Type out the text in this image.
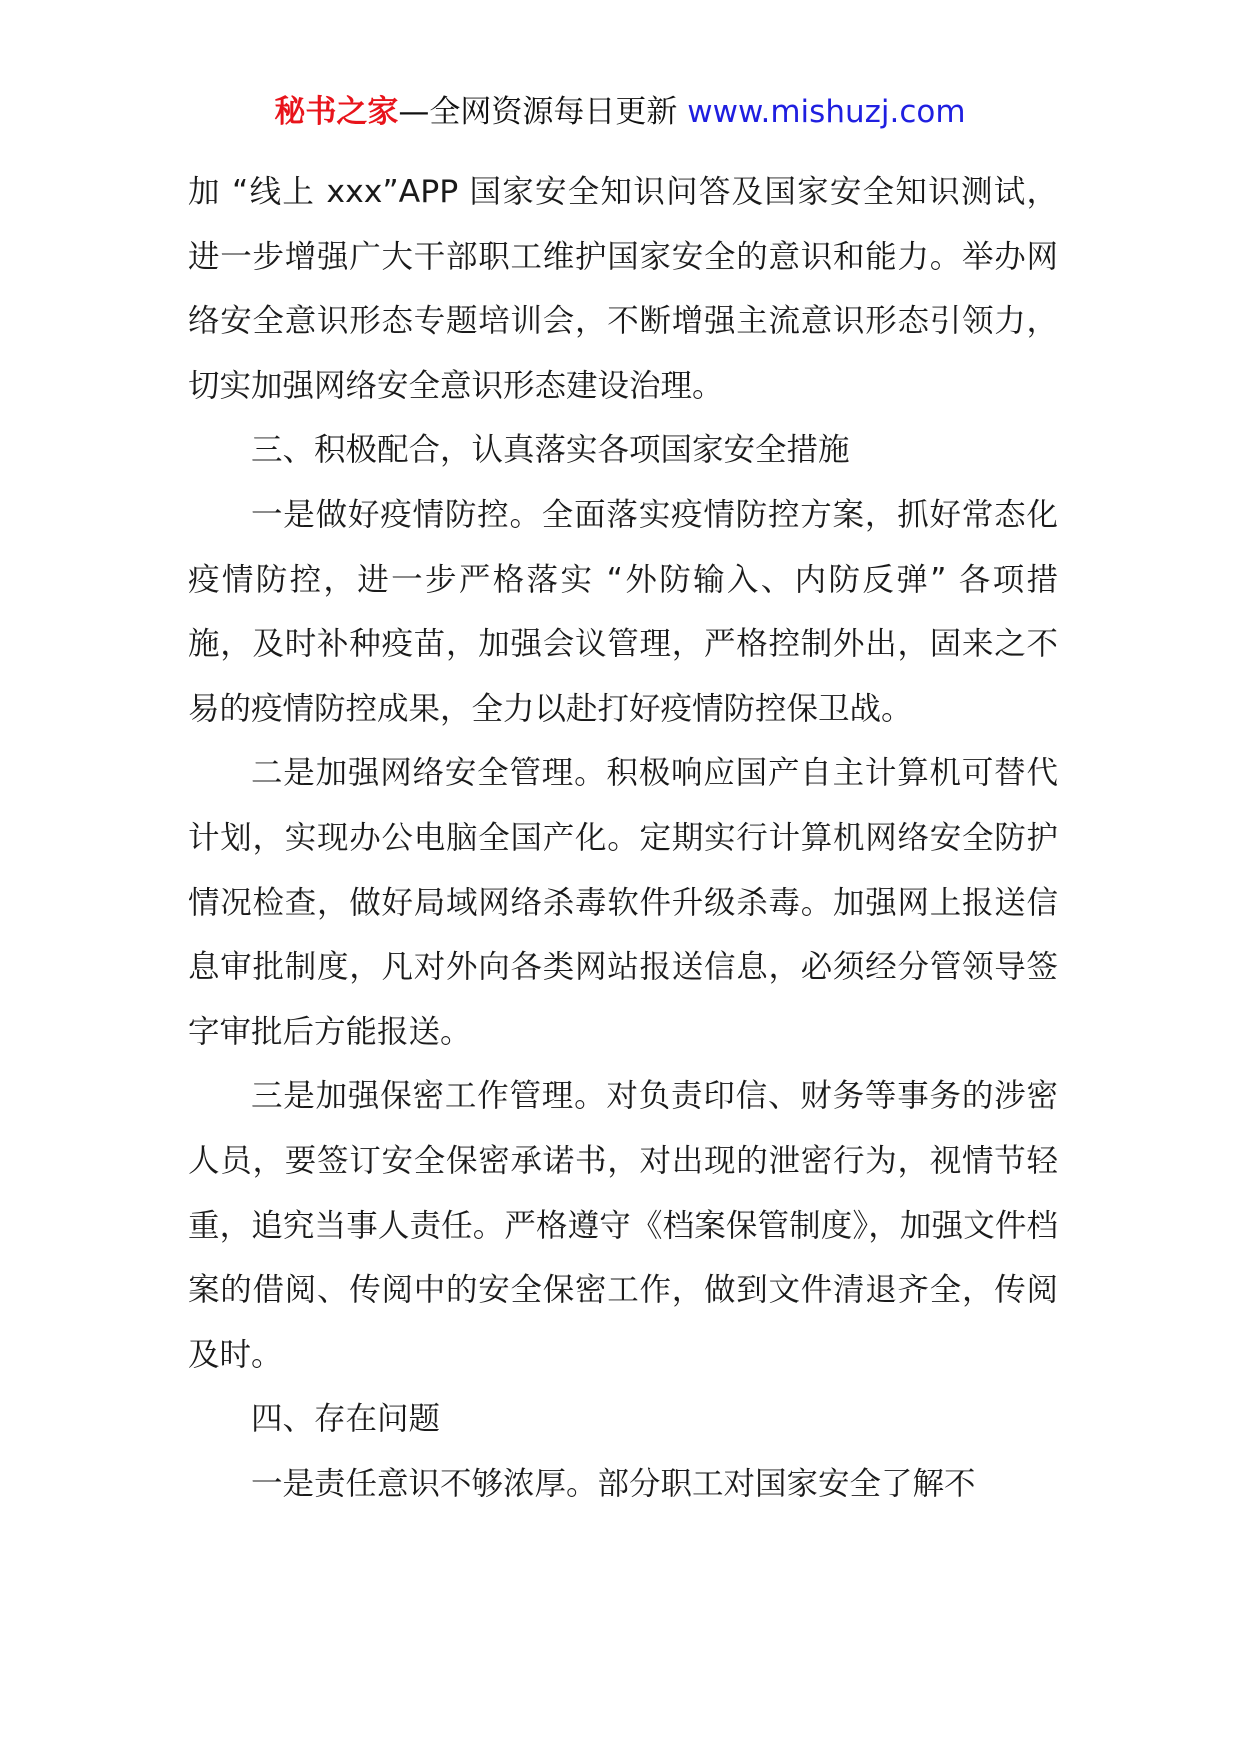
秘书之家—全网资源每日更新 www.mishuzj.com

加 “线上 xxx”APP 国家安全知识问答及国家安全知识测试，进一步增强广大干部职工维护国家安全的意识和能力。举办网络安全意识形态专题培训会，不断增强主流意识形态引领力，切实加强网络安全意识形态建设治理。

三、积极配合，认真落实各项国家安全措施

一是做好疫情防控。全面落实疫情防控方案，抓好常态化疫情防控，进一步严格落实 “外防输入、内防反弹” 各项措施，及时补种疫苗，加强会议管理，严格控制外出，固来之不易的疫情防控成果，全力以赴打好疫情防控保卫战。

二是加强网络安全管理。积极响应国产自主计算机可替代计划，实现办公电脑全国产化。定期实行计算机网络安全防护情况检查，做好局域网络杀毒软件升级杀毒。加强网上报送信息审批制度，凡对外向各类网站报送信息，必须经分管领导签字审批后方能报送。

三是加强保密工作管理。对负责印信、财务等事务的涉密人员，要签订安全保密承诺书，对出现的泄密行为，视情节轻重，追究当事人责任。严格遵守《档案保管制度》，加强文件档案的借阅、传阅中的安全保密工作，做到文件清退齐全，传阅及时。

四、存在问题

一是责任意识不够浓厚。部分职工对国家安全了解不
